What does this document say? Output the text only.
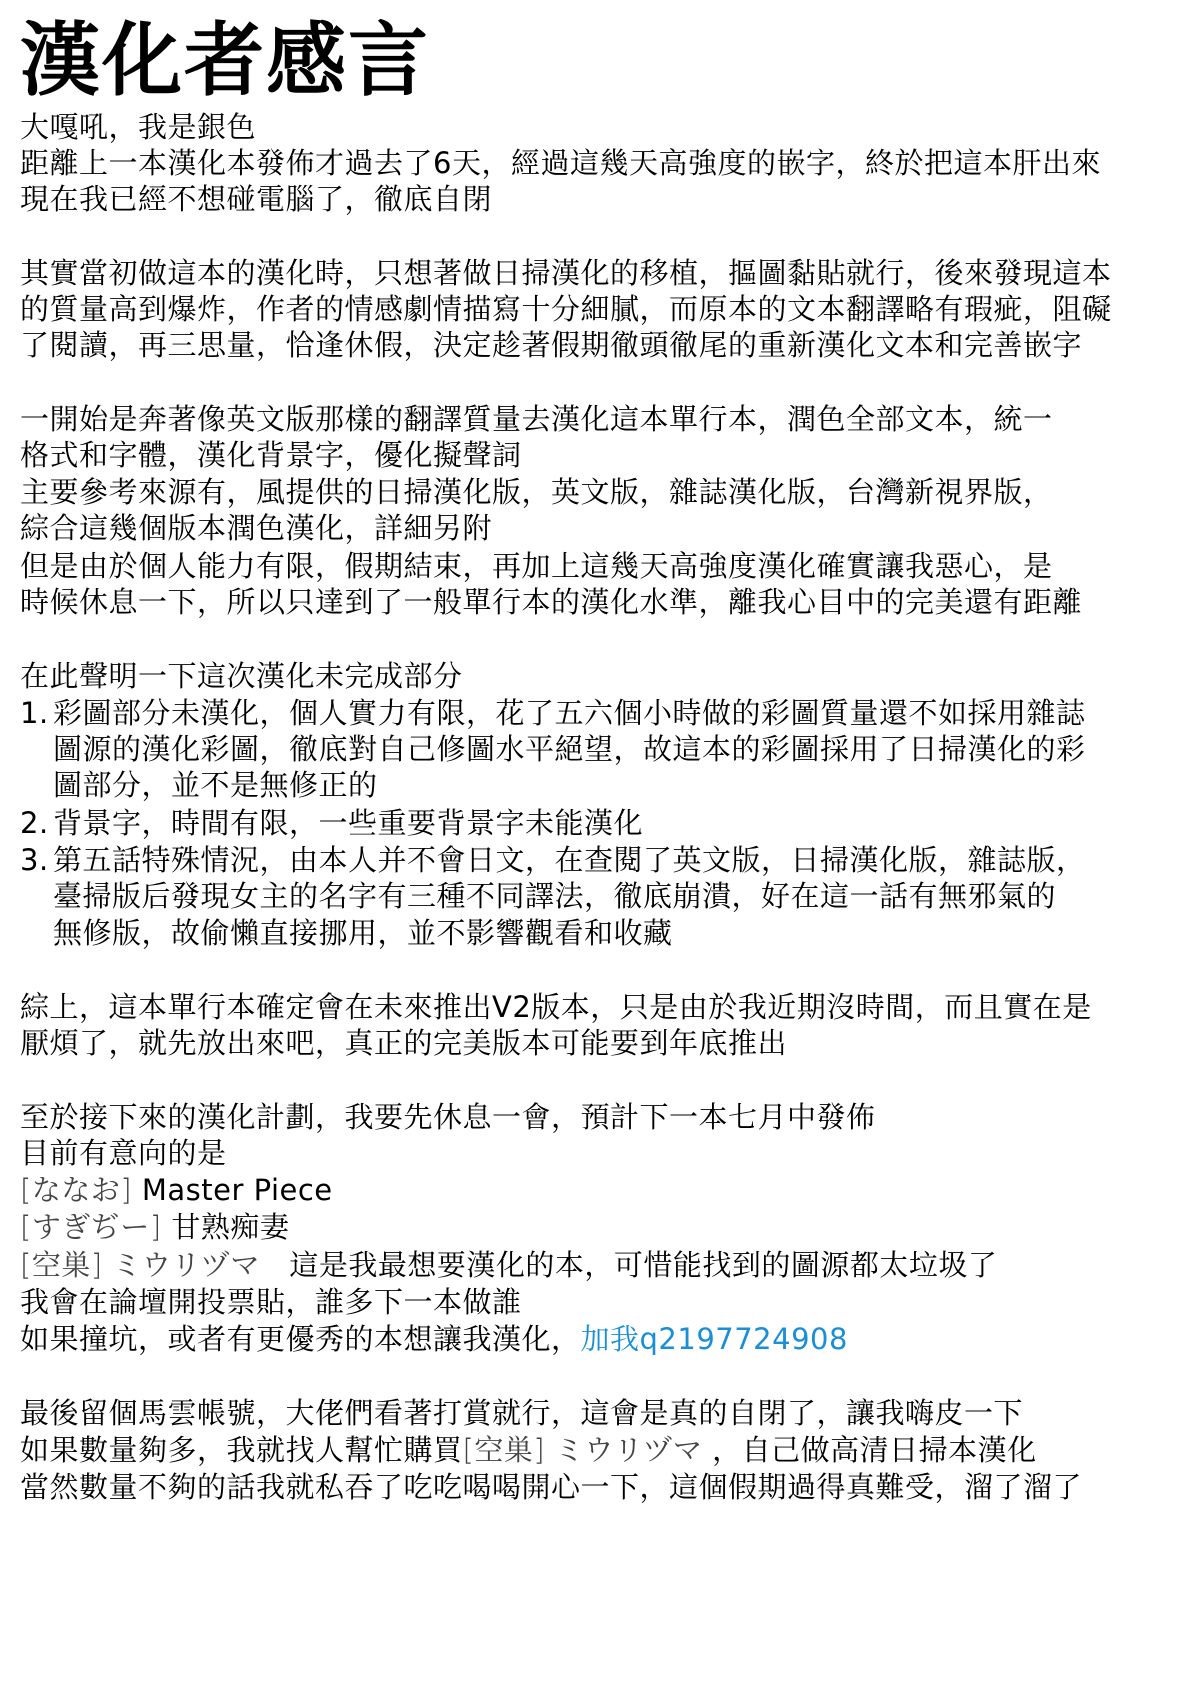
漢化者感言

大嘎吼，我是銀色

距離上一本漢化本發佈才過去了6天，經過這幾天高強度的嵌字，終於把這本肝出來

現在我已經不想碰電腦了，徹底自閉

其實當初做這本的漢化時，只想著做日掃漢化的移植，摳圖黏貼就行，後來發現這本

的質量高到爆炸，作者的情感劇情描寫十分細膩，而原本的文本翻譯略有瑕疵，阻礙

了閱讀，再三思量，恰逢休假，決定趁著假期徹頭徹尾的重新漢化文本和完善嵌字

一開始是奔著像英文版那樣的翻譯質量去漢化這本單行本，潤色全部文本，統一

格式和字體，漢化背景字，優化擬聲詞

主要參考來源有，風提供的日掃漢化版，英文版，雜誌漢化版，台灣新視界版，

綜合這幾個版本潤色漢化，詳細另附

但是由於個人能力有限，假期結束，再加上這幾天高強度漢化確實讓我惡心，是

時候休息一下，所以只達到了一般單行本的漢化水準，離我心目中的完美還有距離

在此聲明一下這次漢化未完成部分

1. 彩圖部分未漢化，個人實力有限，花了五六個小時做的彩圖質量還不如採用雜誌

圖源的漢化彩圖，徹底對自己修圖水平絕望，故這本的彩圖採用了日掃漢化的彩

圖部分，並不是無修正的

2. 背景字，時間有限，一些重要背景字未能漢化

3. 第五話特殊情況，由本人并不會日文，在查閱了英文版，日掃漢化版，雜誌版，

臺掃版后發現女主的名字有三種不同譯法，徹底崩潰，好在這一話有無邪氣的

無修版，故偷懶直接挪用，並不影響觀看和收藏

綜上，這本單行本確定會在未來推出V2版本，只是由於我近期沒時間，而且實在是

厭煩了，就先放出來吧，真正的完美版本可能要到年底推出

至於接下來的漢化計劃，我要先休息一會，預計下一本七月中發佈

目前有意向的是

[ななお] Master Piece

[すぎぢー] 甘熟痴妻

[空巣] ミウリヅマ　這是我最想要漢化的本，可惜能找到的圖源都太垃圾了

我會在論壇開投票貼，誰多下一本做誰

如果撞坑，或者有更優秀的本想讓我漢化，加我q2197724908

最後留個馬雲帳號，大佬們看著打賞就行，這會是真的自閉了，讓我嗨皮一下

如果數量夠多，我就找人幫忙購買[空巣] ミウリヅマ ，自己做高清日掃本漢化

當然數量不夠的話我就私吞了吃吃喝喝開心一下，這個假期過得真難受，溜了溜了
